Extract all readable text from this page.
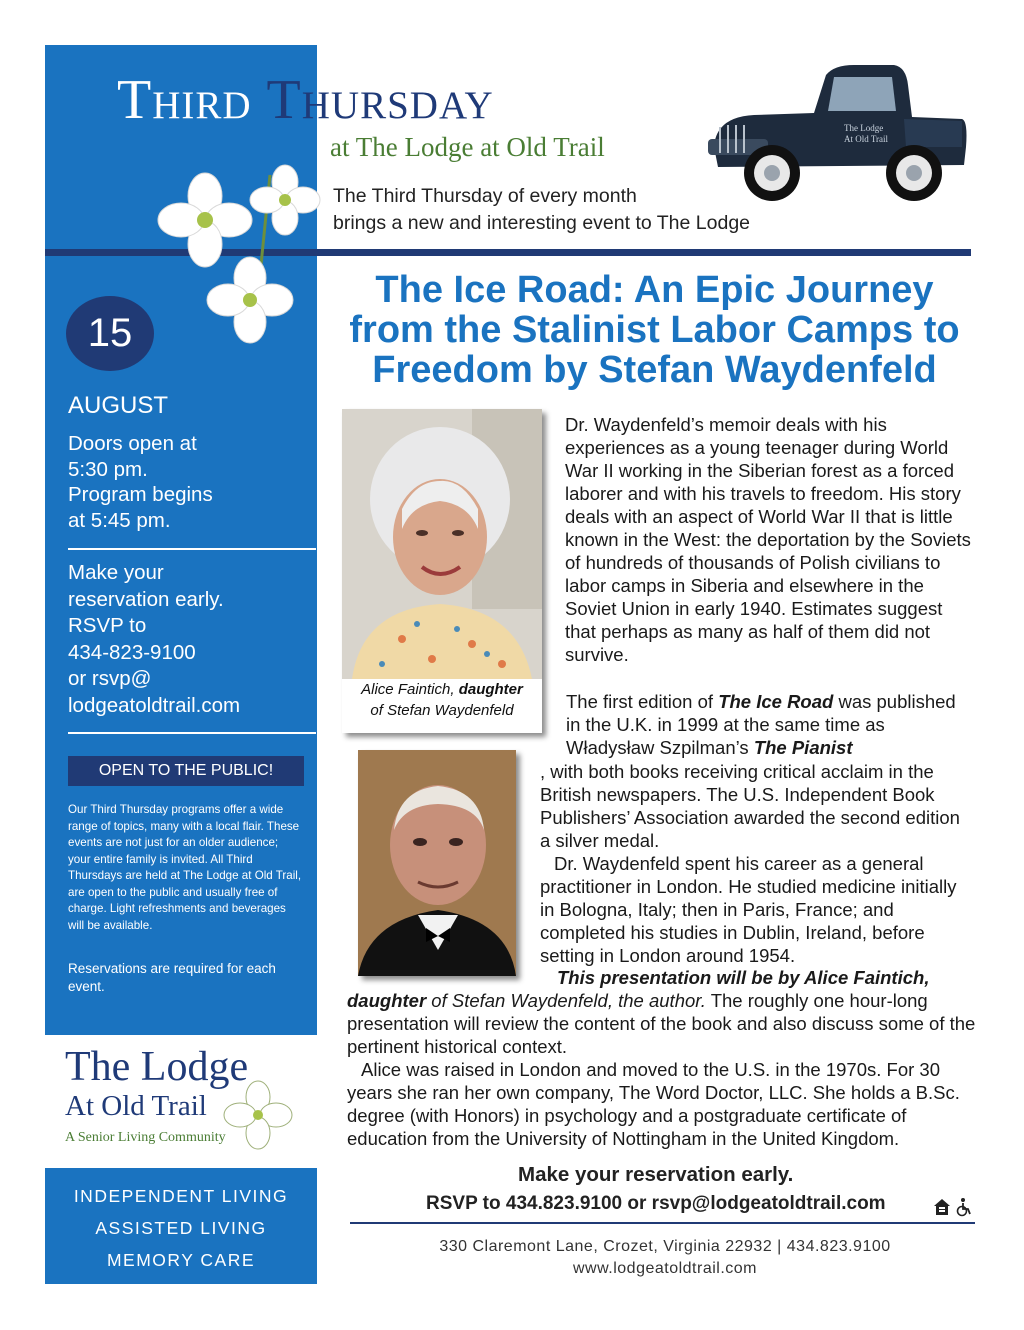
Third Thursday
at The Lodge at Old Trail
The Lodge
At Old Trail
The Third Thursday of every month
brings a new and interesting event to The Lodge
15
AUGUST
Doors open at
5:30 pm.
Program begins
at 5:45 pm.
Make your
reservation early.
RSVP to
434-823-9100
or rsvp@
lodgeatoldtrail.com
OPEN TO THE PUBLIC!
Our Third Thursday programs offer a wide range of topics, many with a local flair. These events are not just for an older audience; your entire family is invited. All Third Thursdays are held at The Lodge at Old Trail, are open to the public and usually free of charge. Light refreshments and beverages will be available.
Reservations are required for each event.
The Lodge
At Old Trail
A Senior Living Community
INDEPENDENT LIVING
ASSISTED LIVING
MEMORY CARE
The Ice Road: An Epic Journey
from the Stalinist Labor Camps to
Freedom by Stefan Waydenfeld
Alice Faintich, daughter
of Stefan Waydenfeld
Dr. Waydenfeld’s memoir deals with his experiences as a young teenager during World War II working in the Siberian forest as a forced laborer and with his travels to freedom. His story deals with an aspect of World War II that is little known in the West: the deportation by the Soviets of hundreds of thousands of Polish civilians to labor camps in Siberia and elsewhere in the Soviet Union in early 1940. Estimates suggest that perhaps as many as half of them did not survive.
The first edition of The Ice Road was published in the U.K. in 1999 at the same time as Władysław Szpilman’s The Pianist
, with both books receiving critical acclaim in the British newspapers. The U.S. Independent Book Publishers’ Association awarded the second edition a silver medal.
Dr. Waydenfeld spent his career as a general practitioner in London. He studied medicine initially in Bologna, Italy; then in Paris, France; and completed his studies in Dublin, Ireland, before setting in London around 1954.
This presentation will be by Alice Faintich, daughter of Stefan Waydenfeld, the author. The roughly one hour-long presentation will review the content of the book and also discuss some of the pertinent historical context.
Alice was raised in London and moved to the U.S. in the 1970s. For 30 years she ran her own company, The Word Doctor, LLC. She holds a B.Sc. degree (with Honors) in psychology and a postgraduate certificate of education from the University of Nottingham in the United Kingdom.
Make your reservation early.
RSVP to 434.823.9100 or rsvp@lodgeatoldtrail.com
330 Claremont Lane, Crozet, Virginia 22932 | 434.823.9100
www.lodgeatoldtrail.com
